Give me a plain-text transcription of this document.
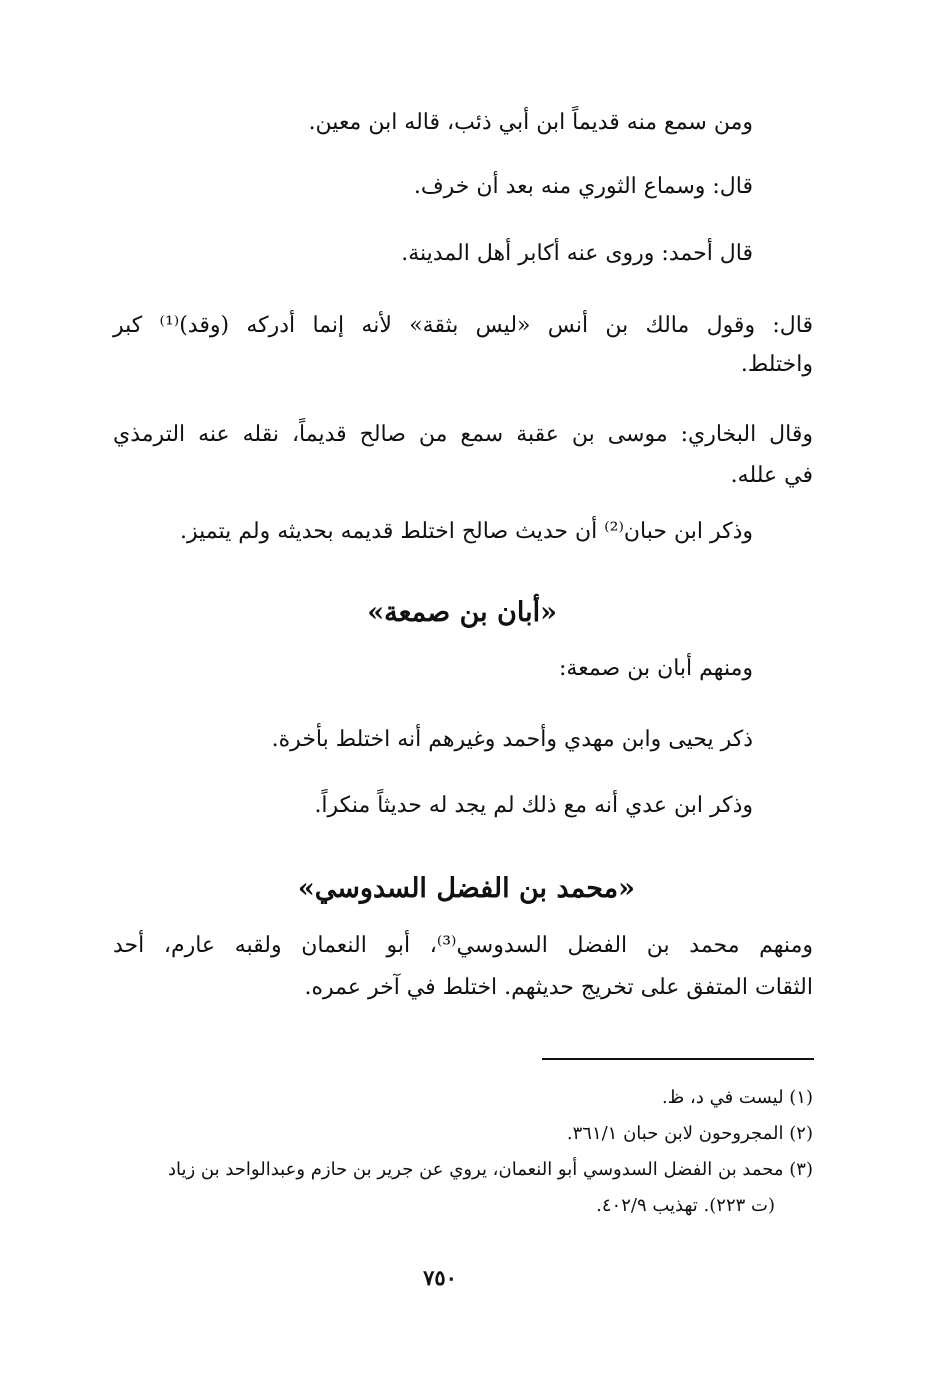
ومن سمع منه قديماً ابن أبي ذئب، قاله ابن معين.
قال: وسماع الثوري منه بعد أن خرف.
قال أحمد: وروى عنه أكابر أهل المدينة.
قال: وقول مالك بن أنس «ليس بثقة» لأنه إنما أدركه (وقد)⁽¹⁾ كبر
واختلط.
وقال البخاري: موسى بن عقبة سمع من صالح قديماً، نقله عنه الترمذي
في علله.
وذكر ابن حبان⁽²⁾ أن حديث صالح اختلط قديمه بحديثه ولم يتميز.
«أبان بن صمعة»
ومنهم أبان بن صمعة:
ذكر يحيى وابن مهدي وأحمد وغيرهم أنه اختلط بأخرة.
وذكر ابن عدي أنه مع ذلك لم يجد له حديثاً منكراً.
«محمد بن الفضل السدوسي»
ومنهم محمد بن الفضل السدوسي⁽³⁾، أبو النعمان ولقبه عارم، أحد
الثقات المتفق على تخريج حديثهم. اختلط في آخر عمره.
(١) ليست في د، ظ.
(٢) المجروحون لابن حبان ٣٦١/١.
(٣) محمد بن الفضل السدوسي أبو النعمان، يروي عن جرير بن حازم وعبدالواحد بن زياد
(ت ٢٢٣). تهذيب ٤٠٢/٩.
٧٥٠
